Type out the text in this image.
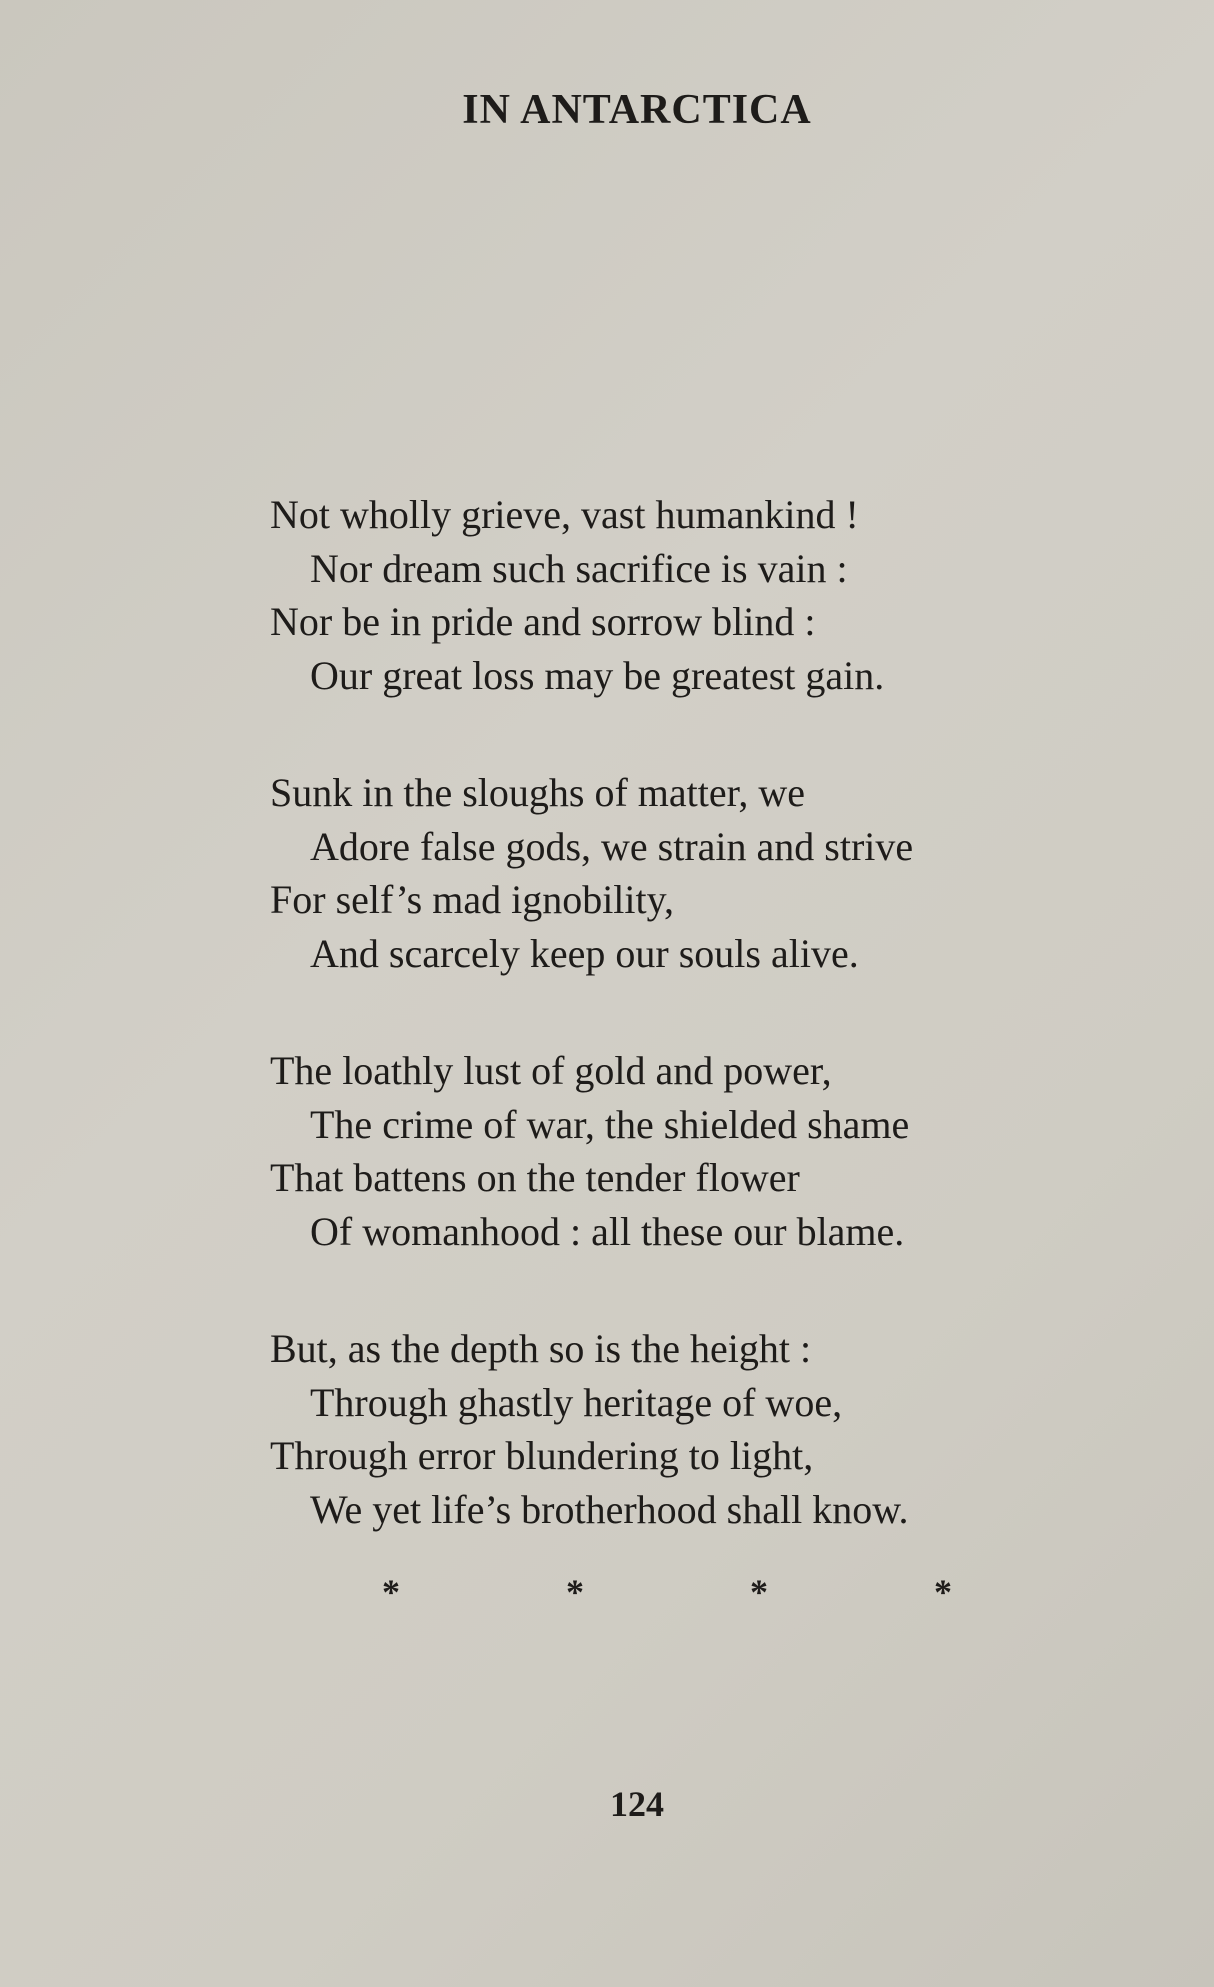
IN ANTARCTICA
Not wholly grieve, vast humankind !
Nor dream such sacrifice is vain :
Nor be in pride and sorrow blind :
Our great loss may be greatest gain.
Sunk in the sloughs of matter, we
Adore false gods, we strain and strive
For self’s mad ignobility,
And scarcely keep our souls alive.
The loathly lust of gold and power,
The crime of war, the shielded shame
That battens on the tender flower
Of womanhood : all these our blame.
But, as the depth so is the height :
Through ghastly heritage of woe,
Through error blundering to light,
We yet life’s brotherhood shall know.
*	*	*	*
124
